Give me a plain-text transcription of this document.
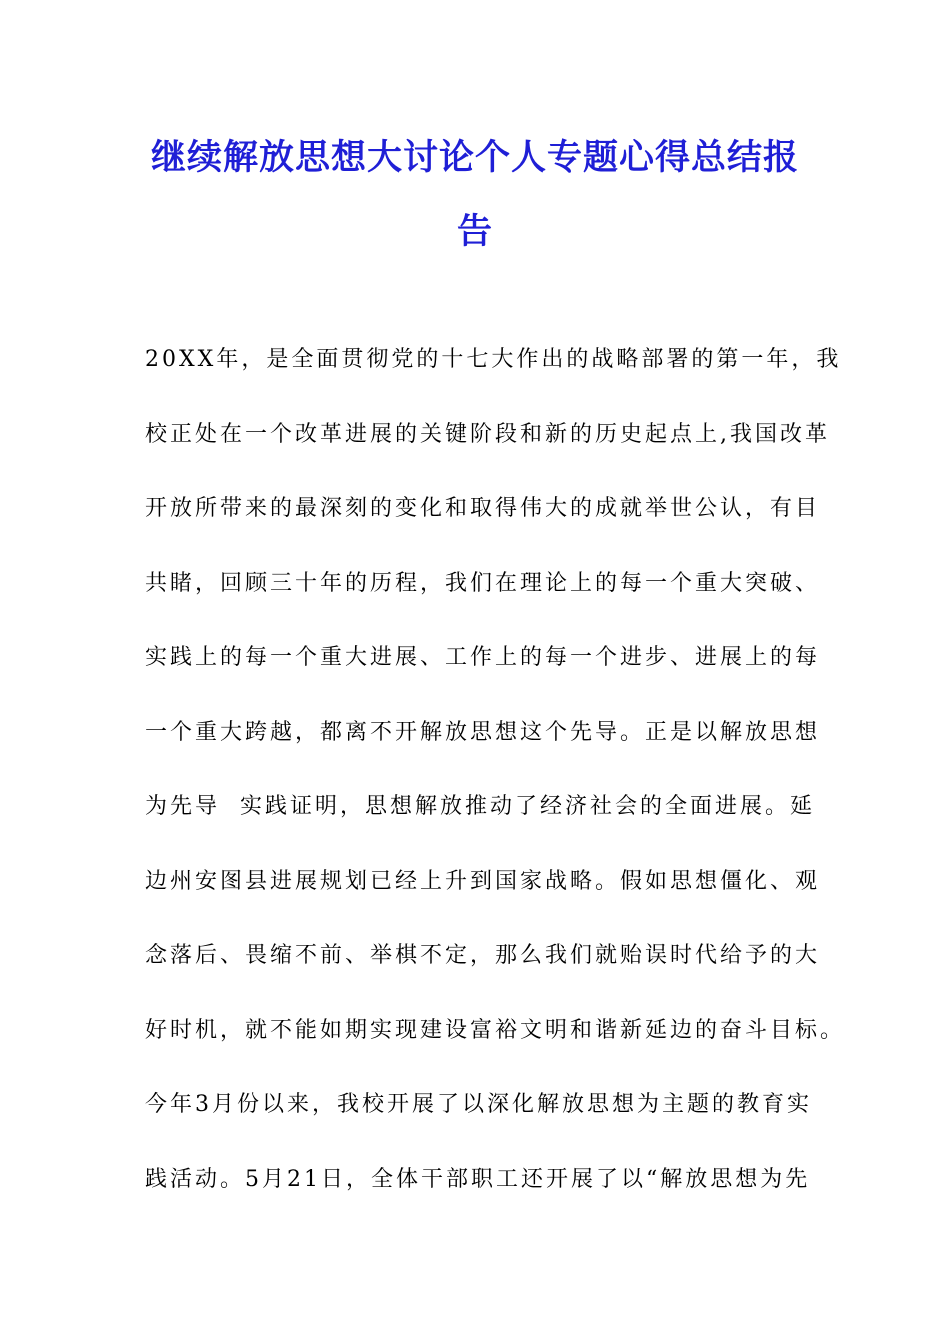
继续解放思想大讨论个人专题心得总结报
告
20XX年，是全面贯彻党的十七大作出的战略部署的第一年，我
校正处在一个改革进展的关键阶段和新的历史起点上,我国改革
开放所带来的最深刻的变化和取得伟大的成就举世公认，有目
共睹，回顾三十年的历程，我们在理论上的每一个重大突破、
实践上的每一个重大进展、工作上的每一个进步、进展上的每
一个重大跨越，都离不开解放思想这个先导。正是以解放思想
为先导  实践证明，思想解放推动了经济社会的全面进展。延
边州安图县进展规划已经上升到国家战略。假如思想僵化、观
念落后、畏缩不前、举棋不定，那么我们就贻误时代给予的大
好时机，就不能如期实现建设富裕文明和谐新延边的奋斗目标。
今年3月份以来，我校开展了以深化解放思想为主题的教育实
践活动。5月21日，全体干部职工还开展了以“解放思想为先
